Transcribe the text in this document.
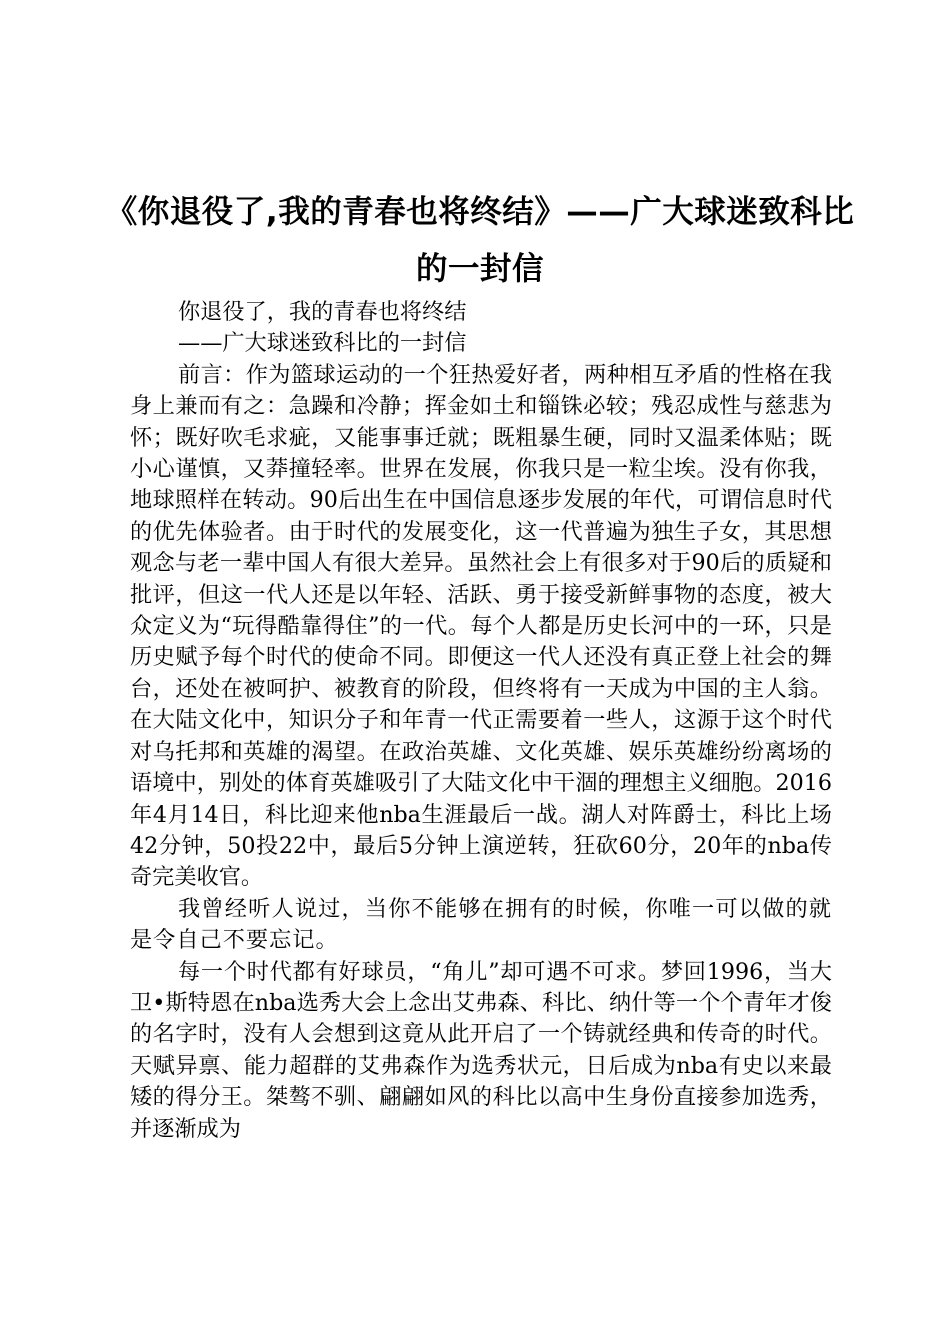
《你退役了,我的青春也将终结》——广大球迷致科比的一封信

你退役了，我的青春也将终结

——广大球迷致科比的一封信

前言：作为篮球运动的一个狂热爱好者，两种相互矛盾的性格在我身上兼而有之：急躁和冷静；挥金如土和锱铢必较；残忍成性与慈悲为怀；既好吹毛求疵，又能事事迁就；既粗暴生硬，同时又温柔体贴；既小心谨慎，又莽撞轻率。世界在发展，你我只是一粒尘埃。没有你我，地球照样在转动。90后出生在中国信息逐步发展的年代，可谓信息时代的优先体验者。由于时代的发展变化，这一代普遍为独生子女，其思想观念与老一辈中国人有很大差异。虽然社会上有很多对于90后的质疑和批评，但这一代人还是以年轻、活跃、勇于接受新鲜事物的态度，被大众定义为“玩得酷靠得住”的一代。每个人都是历史长河中的一环，只是历史赋予每个时代的使命不同。即便这一代人还没有真正登上社会的舞台，还处在被呵护、被教育的阶段，但终将有一天成为中国的主人翁。在大陆文化中，知识分子和年青一代正需要着一些人，这源于这个时代对乌托邦和英雄的渴望。在政治英雄、文化英雄、娱乐英雄纷纷离场的语境中，别处的体育英雄吸引了大陆文化中干涸的理想主义细胞。2016年4月14日，科比迎来他nba生涯最后一战。湖人对阵爵士，科比上场42分钟，50投22中，最后5分钟上演逆转，狂砍60分，20年的nba传奇完美收官。

我曾经听人说过，当你不能够在拥有的时候，你唯一可以做的就是令自己不要忘记。

每一个时代都有好球员，“角儿”却可遇不可求。梦回1996，当大卫•斯特恩在nba选秀大会上念出艾弗森、科比、纳什等一个个青年才俊的名字时，没有人会想到这竟从此开启了一个铸就经典和传奇的时代。天赋异禀、能力超群的艾弗森作为选秀状元，日后成为nba有史以来最矮的得分王。桀骜不驯、翩翩如风的科比以高中生身份直接参加选秀，并逐渐成为
